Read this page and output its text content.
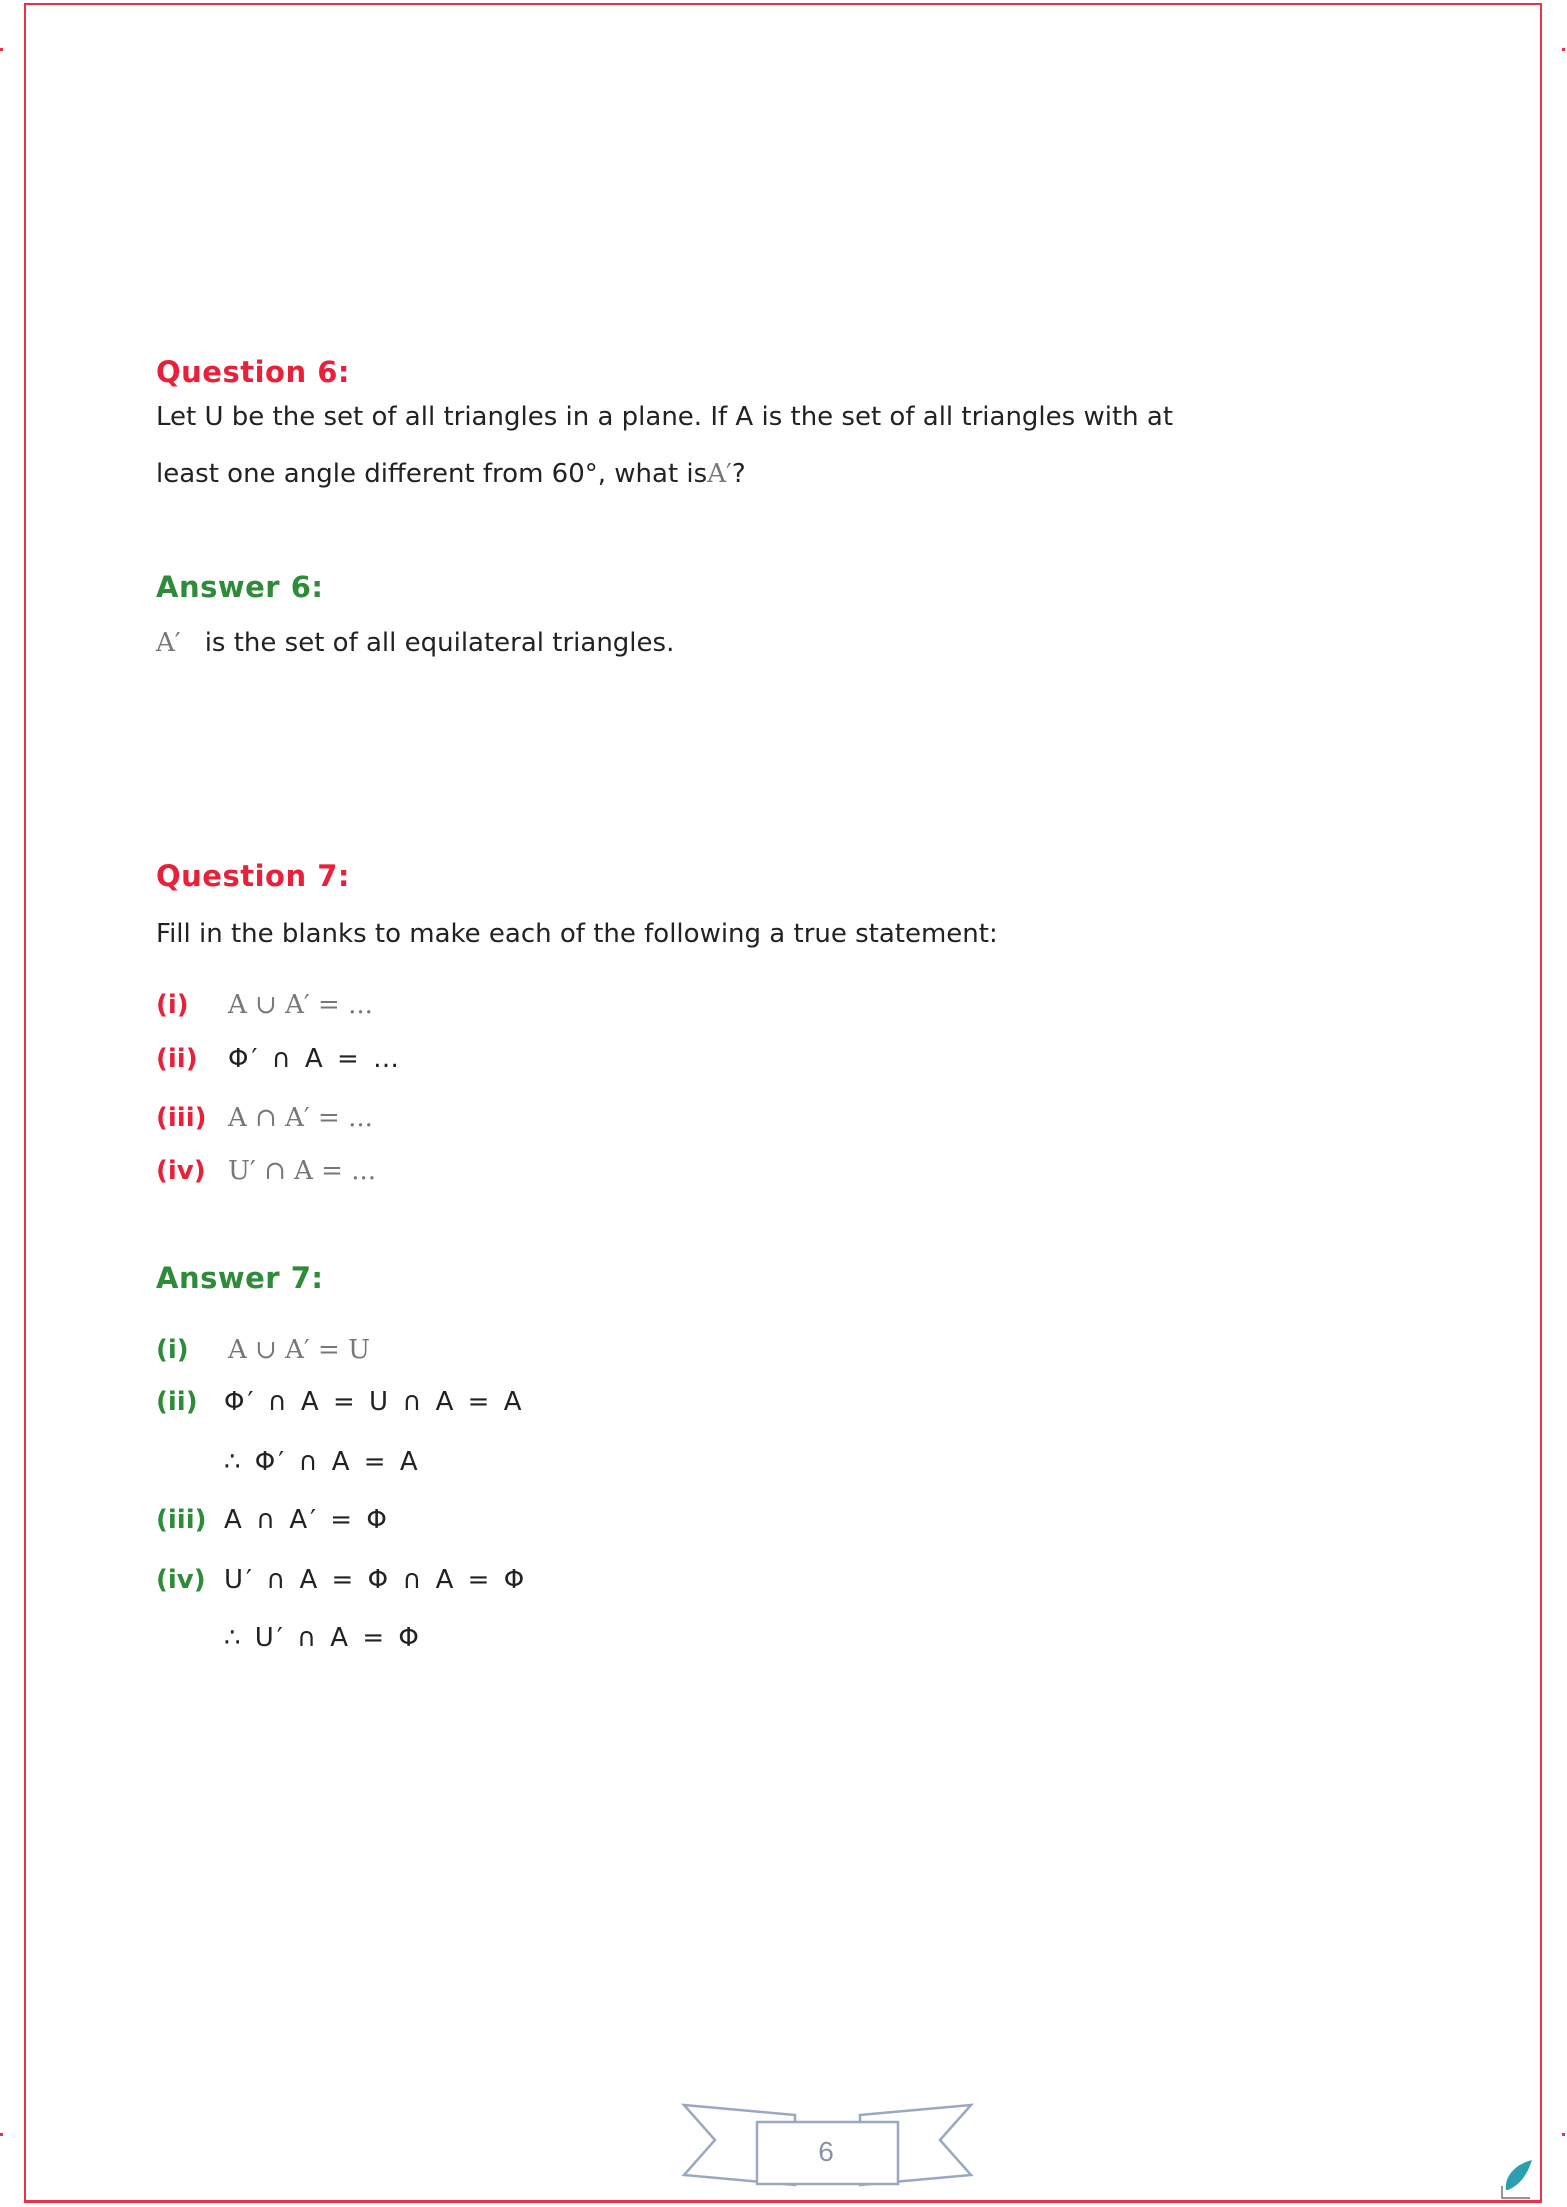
Question 6:
Let U be the set of all triangles in a plane. If A is the set of all triangles with at
least one angle different from 60°, what isA′?
Answer 6:
A′ is the set of all equilateral triangles.
Question 7:
Fill in the blanks to make each of the following a true statement:
(i) A ∪ A′ = ...
(ii) Φ′ ∩ A = …
(iii) A ∩ A′ = ...
(iv) U′ ∩ A = ...
Answer 7:
(i) A ∪ A′ = U
(ii) Φ′ ∩ A = U ∩ A = A
∴ Φ′ ∩ A = A
(iii) A ∩ A′ = Φ
(iv) U′ ∩ A = Φ ∩ A = Φ
∴ U′ ∩ A = Φ
6
